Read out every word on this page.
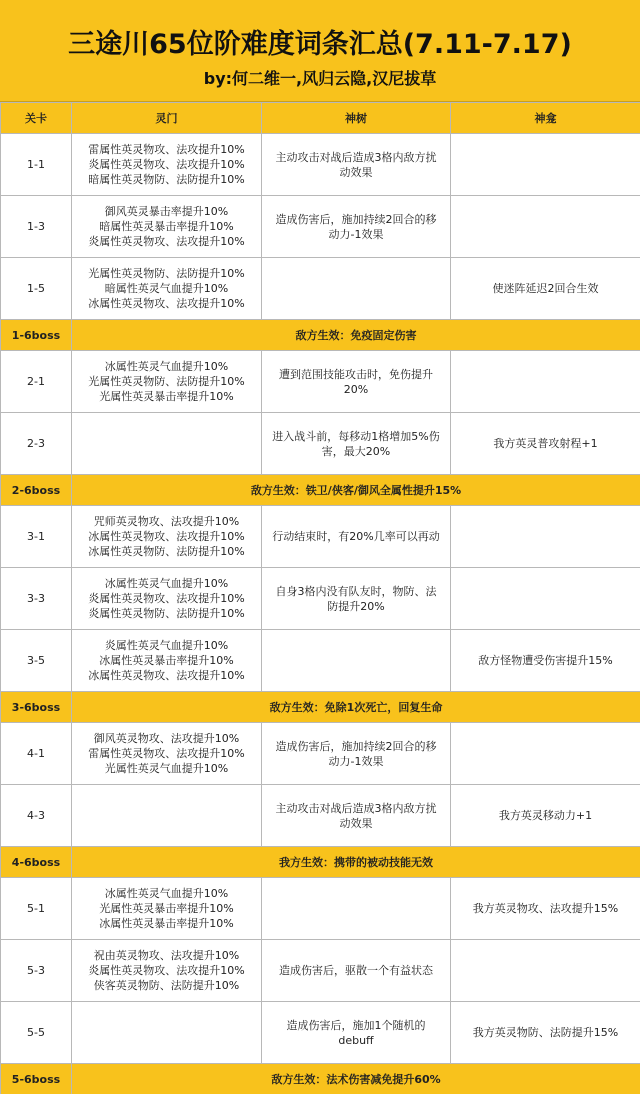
三途川65位阶难度词条汇总(7.11-7.17)
by:何二维一,风归云隐,汉尼拔草
关卡	灵门	神树	神龛
1-1	雷属性英灵物攻、法攻提升10%
炎属性英灵物攻、法攻提升10%
暗属性英灵物防、法防提升10%	主动攻击对战后造成3格内敌方扰动效果	
1-3	御风英灵暴击率提升10%
暗属性英灵暴击率提升10%
炎属性英灵物攻、法攻提升10%	造成伤害后，施加持续2回合的移动力-1效果	
1-5	光属性英灵物防、法防提升10%
暗属性英灵气血提升10%
冰属性英灵物攻、法攻提升10%		使迷阵延迟2回合生效
1-6boss	敌方生效：免疫固定伤害		
2-1	冰属性英灵气血提升10%
光属性英灵物防、法防提升10%
光属性英灵暴击率提升10%	遭到范围技能攻击时，免伤提升20%	
2-3		进入战斗前，每移动1格增加5%伤害，最大20%	我方英灵普攻射程+1
2-6boss	敌方生效：铁卫/侠客/御风全属性提升15%		
3-1	咒师英灵物攻、法攻提升10%
冰属性英灵物攻、法攻提升10%
冰属性英灵物防、法防提升10%	行动结束时，有20%几率可以再动	
3-3	冰属性英灵气血提升10%
炎属性英灵物攻、法攻提升10%
炎属性英灵物防、法防提升10%	自身3格内没有队友时，物防、法防提升20%	
3-5	炎属性英灵气血提升10%
冰属性英灵暴击率提升10%
冰属性英灵物攻、法攻提升10%		敌方怪物遭受伤害提升15%
3-6boss	敌方生效：免除1次死亡，回复生命		
4-1	御风英灵物攻、法攻提升10%
雷属性英灵物攻、法攻提升10%
光属性英灵气血提升10%	造成伤害后，施加持续2回合的移动力-1效果	
4-3		主动攻击对战后造成3格内敌方扰动效果	我方英灵移动力+1
4-6boss	我方生效：携带的被动技能无效		
5-1	冰属性英灵气血提升10%
光属性英灵暴击率提升10%
冰属性英灵暴击率提升10%		我方英灵物攻、法攻提升15%
5-3	祝由英灵物攻、法攻提升10%
炎属性英灵物攻、法攻提升10%
侠客英灵物防、法防提升10%	造成伤害后，驱散一个有益状态	
5-5		造成伤害后，施加1个随机的debuff	我方英灵物防、法防提升15%
5-6boss	敌方生效：法术伤害减免提升60%		
